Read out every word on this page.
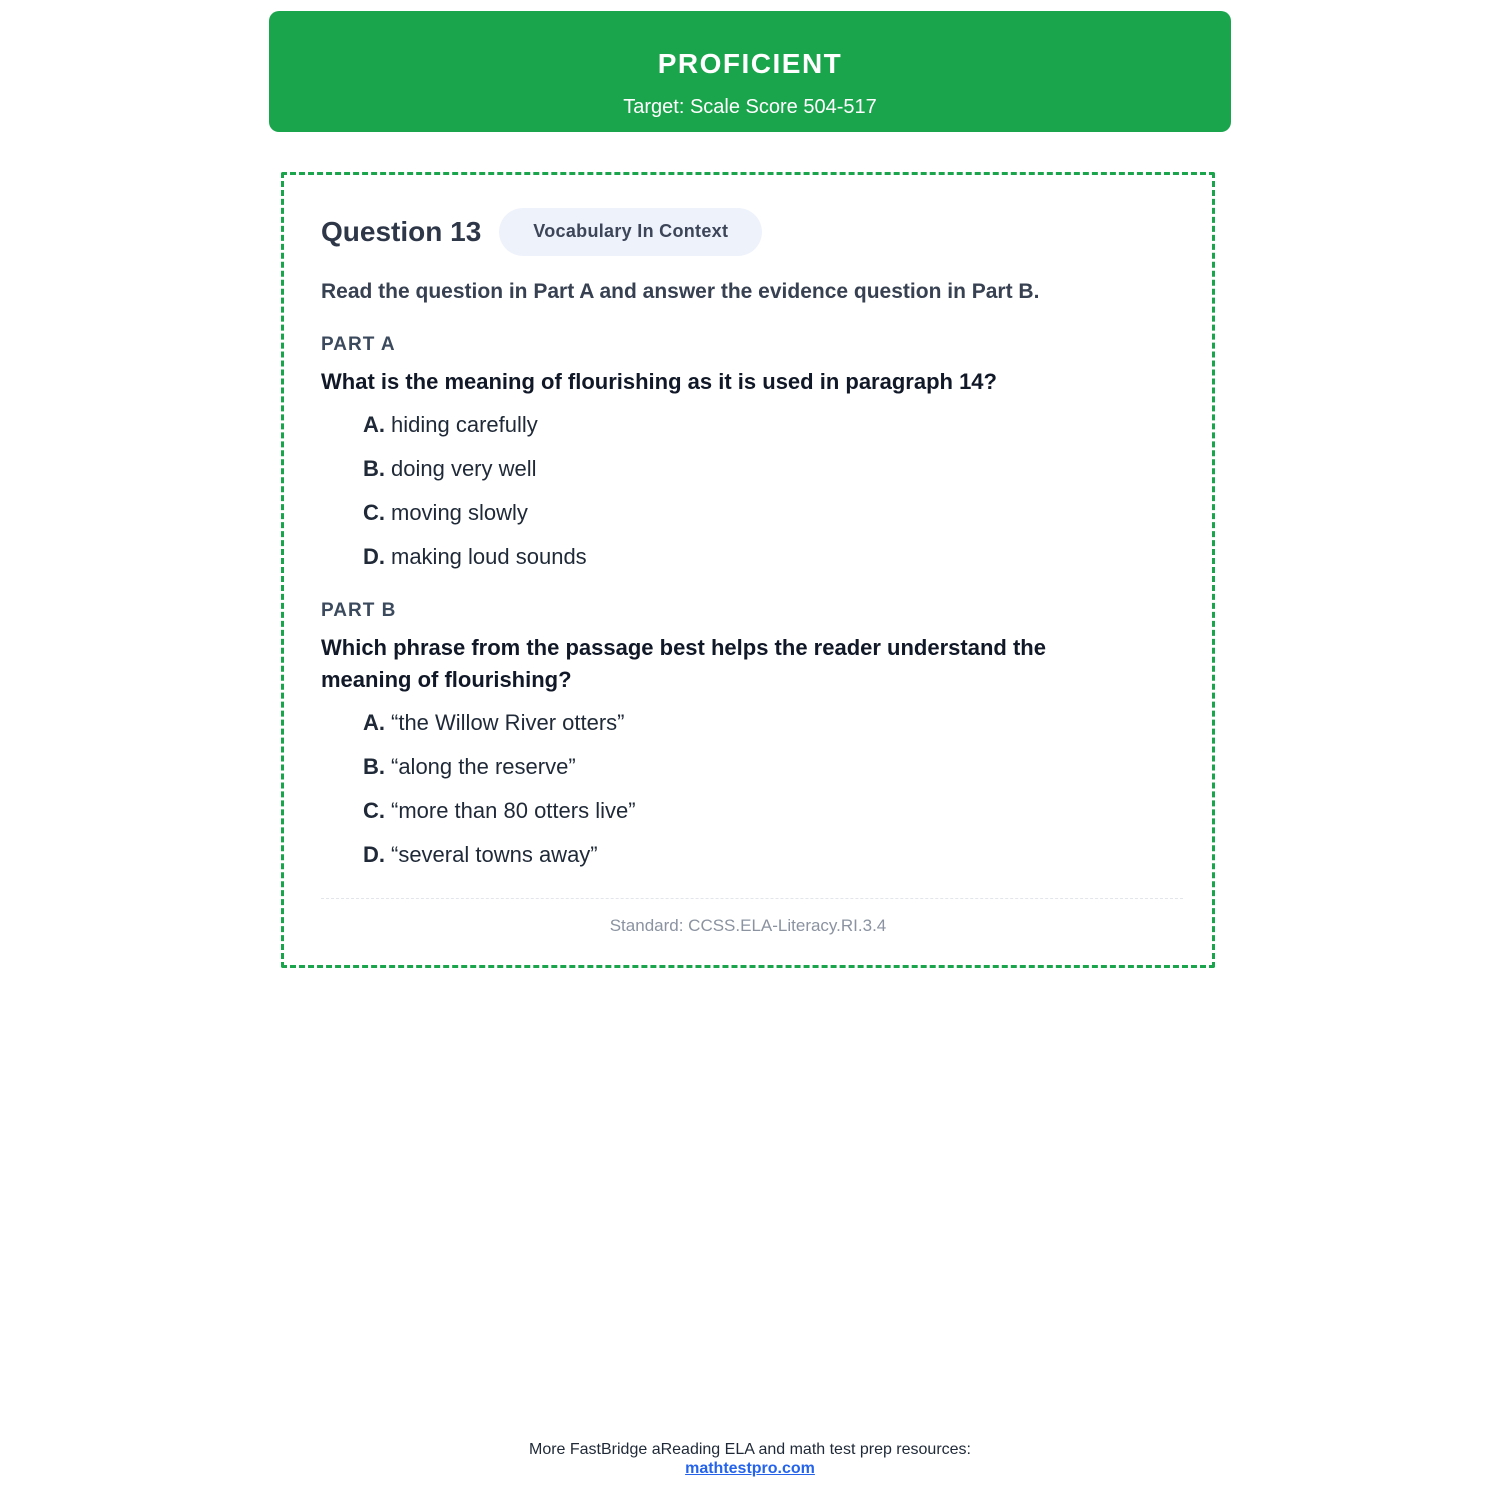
PROFICIENT
Target: Scale Score 504-517
Question 13	Vocabulary In Context
Read the question in Part A and answer the evidence question in Part B.
PART A
What is the meaning of flourishing as it is used in paragraph 14?
A. hiding carefully
B. doing very well
C. moving slowly
D. making loud sounds
PART B
Which phrase from the passage best helps the reader understand the meaning of flourishing?
A. “the Willow River otters”
B. “along the reserve”
C. “more than 80 otters live”
D. “several towns away”
Standard: CCSS.ELA-Literacy.RI.3.4
More FastBridge aReading ELA and math test prep resources:
mathtestpro.com
